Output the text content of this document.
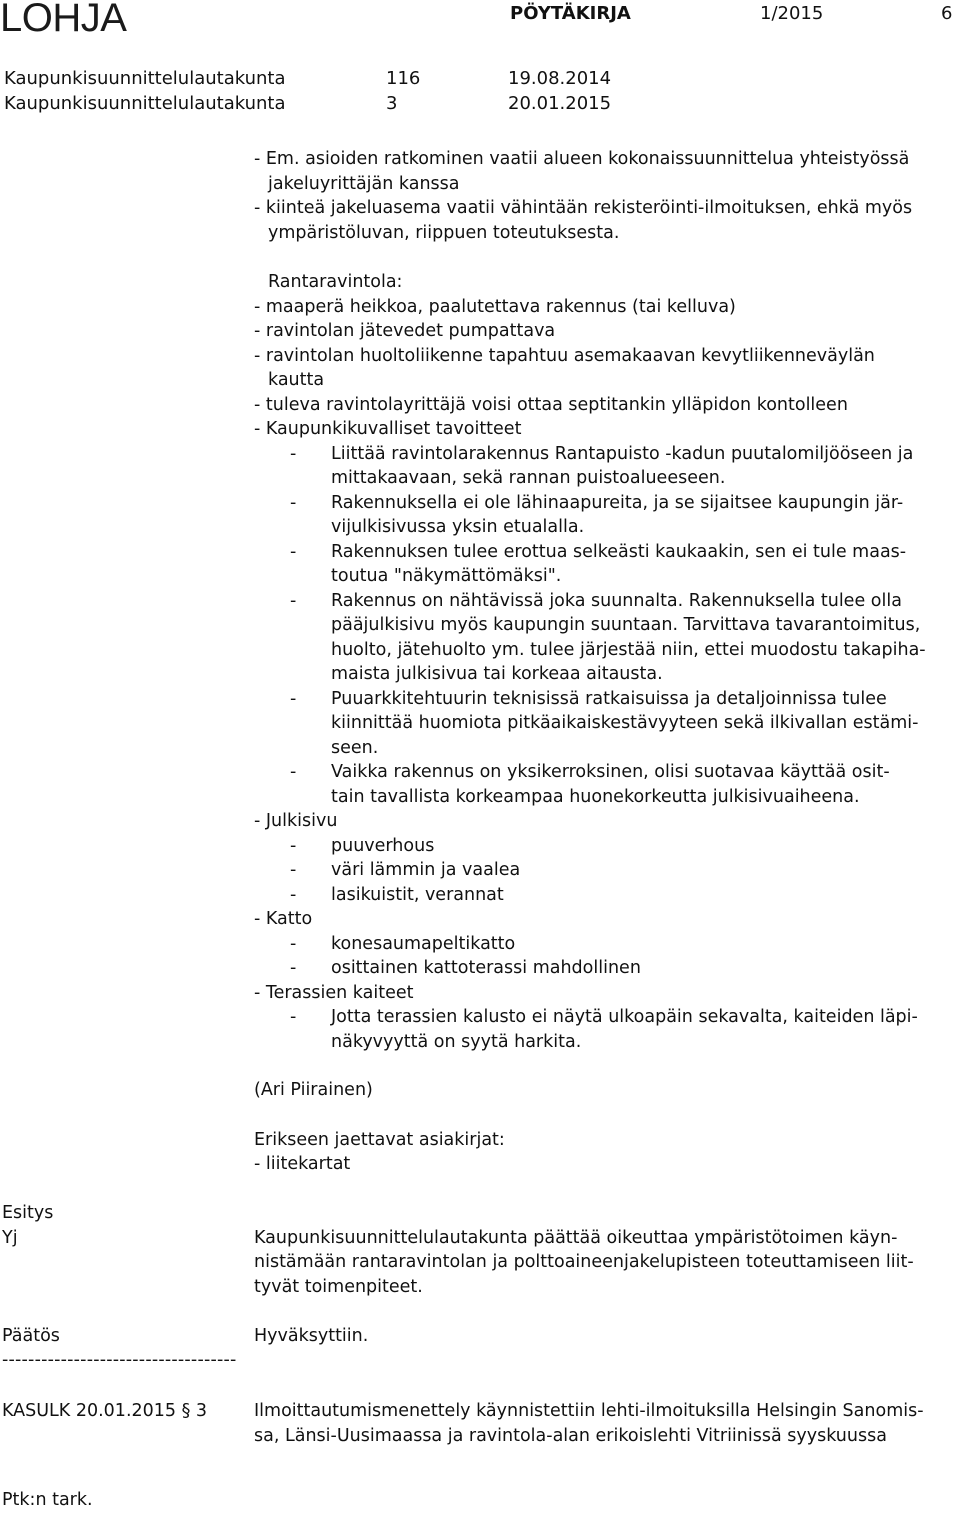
LOHJA	PÖYTÄKIRJA	1/2015	6
Kaupunkisuunnittelulautakunta	116	19.08.2014
Kaupunkisuunnittelulautakunta	3	20.01.2015
- Em. asioiden ratkominen vaatii alueen kokonaissuunnittelua yhteistyössä
jakeluyrittäjän kanssa
- kiinteä jakeluasema vaatii vähintään rekisteröinti-ilmoituksen, ehkä myös
ympäristöluvan, riippuen toteutuksesta.
Rantaravintola:
- maaperä heikkoa, paalutettava rakennus (tai kelluva)
- ravintolan jätevedet pumpattava
- ravintolan huoltoliikenne tapahtuu asemakaavan kevytliikenneväylän
kautta
- tuleva ravintolayrittäjä voisi ottaa septitankin ylläpidon kontolleen
- Kaupunkikuvalliset tavoitteet
- Liittää ravintolarakennus Rantapuisto -kadun puutalomiljööseen ja
mittakaavaan, sekä rannan puistoalueeseen.
- Rakennuksella ei ole lähinaapureita, ja se sijaitsee kaupungin jär-
vijulkisivussa yksin etualalla.
- Rakennuksen tulee erottua selkeästi kaukaakin, sen ei tule maas-
toutua "näkymättömäksi".
- Rakennus on nähtävissä joka suunnalta. Rakennuksella tulee olla
pääjulkisivu myös kaupungin suuntaan. Tarvittava tavarantoimitus,
huolto, jätehuolto ym. tulee järjestää niin, ettei muodostu takapiha-
maista julkisivua tai korkeaa aitausta.
- Puuarkkitehtuurin teknisissä ratkaisuissa ja detaljoinnissa tulee
kiinnittää huomiota pitkäaikaiskestävyyteen sekä ilkivallan estämi-
seen.
- Vaikka rakennus on yksikerroksinen, olisi suotavaa käyttää osit-
tain tavallista korkeampaa huonekorkeutta julkisivuaiheena.
- Julkisivu
- puuverhous
- väri lämmin ja vaalea
- lasikuistit, verannat
- Katto
- konesaumapeltikatto
- osittainen kattoterassi mahdollinen
- Terassien kaiteet
- Jotta terassien kalusto ei näytä ulkoapäin sekavalta, kaiteiden läpi-
näkyvyyttä on syytä harkita.
(Ari Piirainen)
Erikseen jaettavat asiakirjat:
- liitekartat
Esitys
Yj	Kaupunkisuunnittelulautakunta päättää oikeuttaa ympäristötoimen käyn-
nistämään rantaravintolan ja polttoaineenjakelupisteen toteuttamiseen liit-
tyvät toimenpiteet.
Päätös	Hyväksyttiin.
------------------------------------
KASULK 20.01.2015 § 3	Ilmoittautumismenettely käynnistettiin lehti-ilmoituksilla Helsingin Sanomis-
sa, Länsi-Uusimaassa ja ravintola-alan erikoislehti Vitriinissä syyskuussa
Ptk:n tark.
